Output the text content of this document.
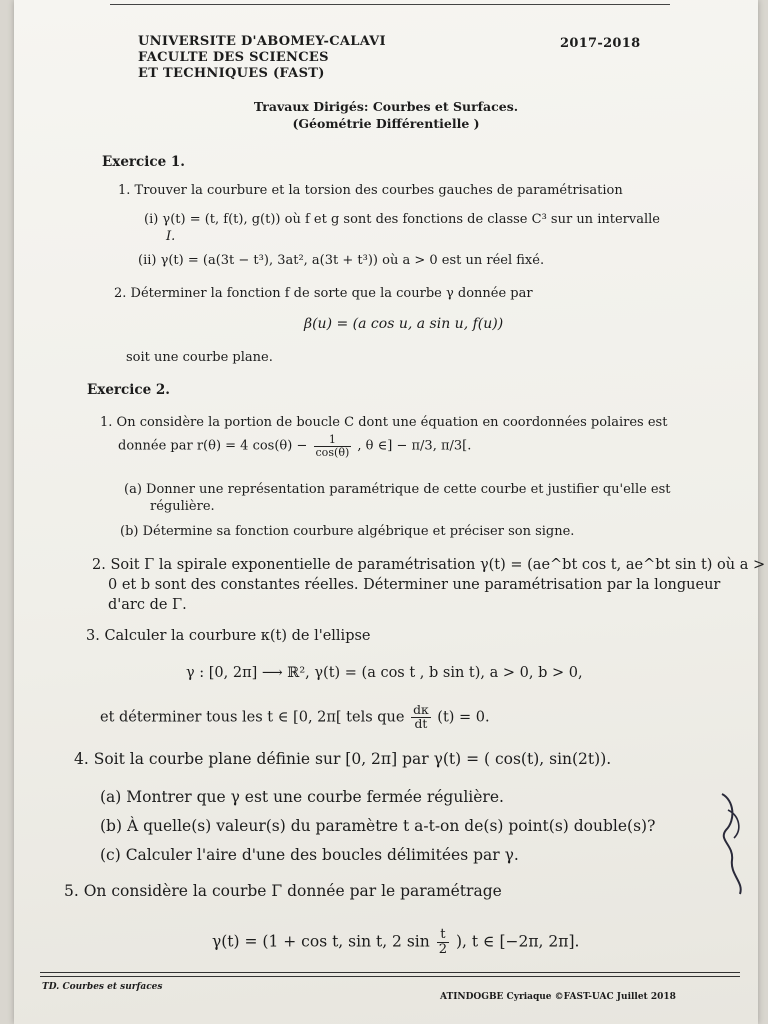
UNIVERSITE D'ABOMEY-CALAVI
FACULTE DES SCIENCES
ET TECHNIQUES (FAST)
2017-2018
Travaux Dirigés: Courbes et Surfaces.
(Géométrie Différentielle )
Exercice 1.
1. Trouver la courbure et la torsion des courbes gauches de paramétrisation
(i) γ(t) = (t, f(t), g(t)) où f et g sont des fonctions de classe C³ sur un intervalle
I.
(ii) γ(t) = (a(3t − t³), 3at², a(3t + t³)) où a > 0 est un réel fixé.
2. Déterminer la fonction f de sorte que la courbe γ donnée par
β(u) = (a cos u, a sin u, f(u))
soit une courbe plane.
Exercice 2.
1. On considère la portion de boucle C dont une équation en coordonnées polaires est
donnée par r(θ) = 4 $\cos(\theta) - \frac{1}{\cos(\theta)}$ , θ ∈] − π/3, π/3[.
(a) Donner une représentation paramétrique de cette courbe et justifier qu'elle est
régulière.
(b) Détermine sa fonction courbure algébrique et préciser son signe.
2. Soit Γ la spirale exponentielle de paramétrisation γ(t) = (ae^bt cos t, ae^bt sin t) où a >
0 et b sont des constantes réelles. Déterminer une paramétrisation par la longueur
d'arc de Γ.
3. Calculer la courbure κ(t) de l'ellipse
γ : [0, 2π] ⟶ ℝ², γ(t) = (a cos t , b sin t), a > 0, b > 0,
et déterminer tous les t ∈ [0, 2π[ tels que $\frac{d\kappa}{dt} (t) = 0$.
4. Soit la courbe plane définie sur [0, 2π] par γ(t) = ( cos(t), sin(2t)).
(a) Montrer que γ est une courbe fermée régulière.
(b) À quelle(s) valeur(s) du paramètre t a-t-on de(s) point(s) double(s)?
(c) Calculer l'aire d'une des boucles délimitées par γ.
5. On considère la courbe Γ donnée par le paramétrage
γ(t) = (1 + cos t, sin t, 2 $\sin \frac{t}{2}$ ), t ∈ [−2π, 2π].
TD. Courbes et surfaces
ATINDOGBE Cyriaque ©FAST-UAC Juillet 2018
